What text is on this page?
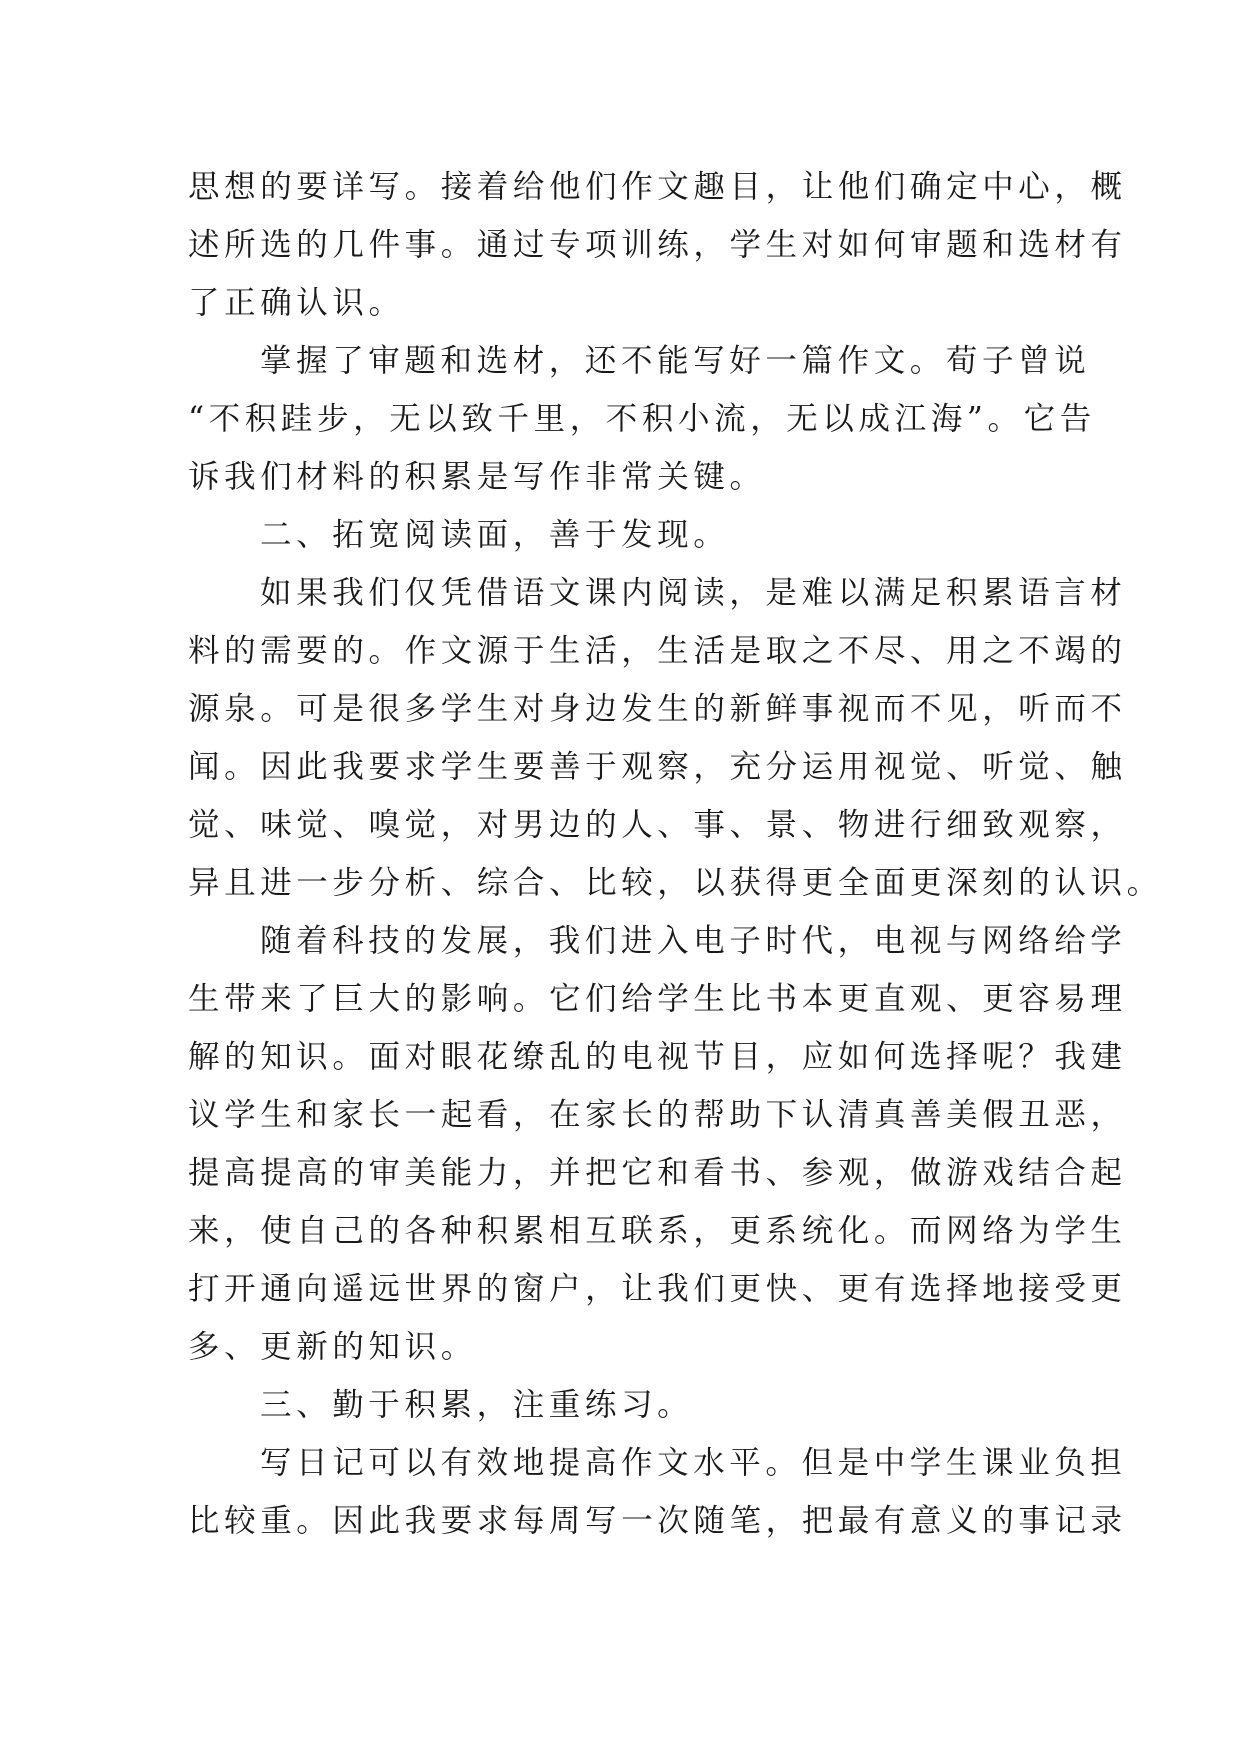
思想的要详写。接着给他们作文趣目，让他们确定中心，概
述所选的几件事。通过专项训练，学生对如何审题和选材有
了正确认识。
掌握了审题和选材，还不能写好一篇作文。荀子曾说
“不积跬步，无以致千里，不积小流，无以成江海”。它告
诉我们材料的积累是写作非常关键。
二、拓宽阅读面，善于发现。
如果我们仅凭借语文课内阅读，是难以满足积累语言材
料的需要的。作文源于生活，生活是取之不尽、用之不竭的
源泉。可是很多学生对身边发生的新鲜事视而不见，听而不
闻。因此我要求学生要善于观察，充分运用视觉、听觉、触
觉、味觉、嗅觉，对男边的人、事、景、物进行细致观察，
异且进一步分析、综合、比较，以获得更全面更深刻的认识。
随着科技的发展，我们进入电子时代，电视与网络给学
生带来了巨大的影响。它们给学生比书本更直观、更容易理
解的知识。面对眼花缭乱的电视节目，应如何选择呢？我建
议学生和家长一起看，在家长的帮助下认清真善美假丑恶，
提高提高的审美能力，并把它和看书、参观，做游戏结合起
来，使自己的各种积累相互联系，更系统化。而网络为学生
打开通向遥远世界的窗户，让我们更快、更有选择地接受更
多、更新的知识。
三、勤于积累，注重练习。
写日记可以有效地提高作文水平。但是中学生课业负担
比较重。因此我要求每周写一次随笔，把最有意义的事记录
